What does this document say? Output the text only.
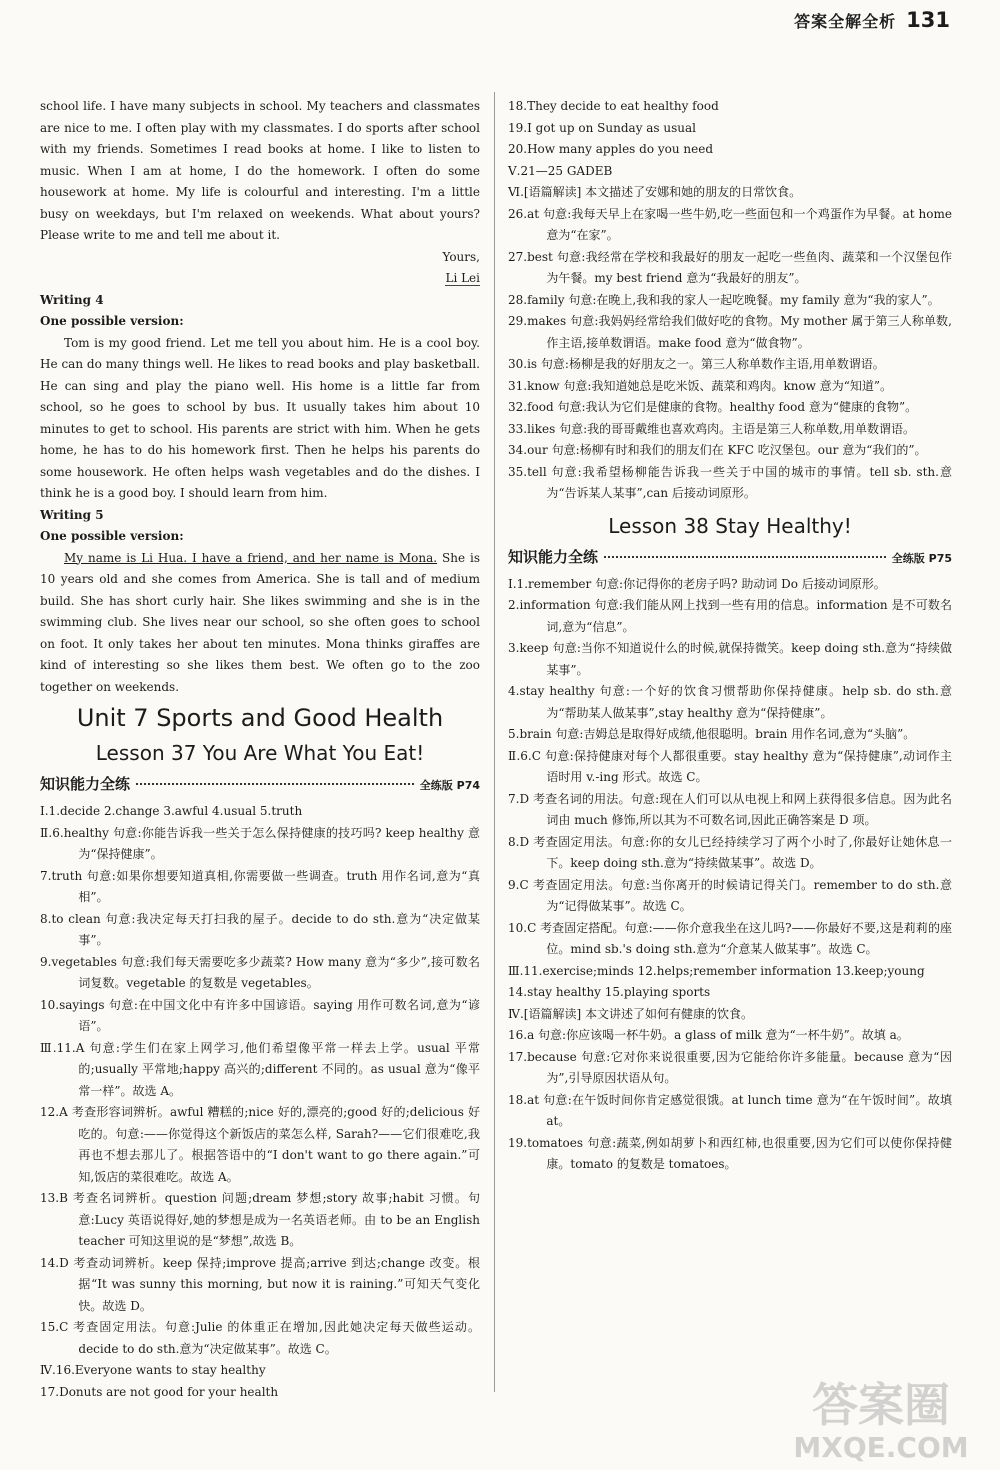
答案全解全析 131

school life. I have many subjects in school. My teachers and classmates are nice to me. I often play with my classmates. I do sports after school with my friends. Sometimes I read books at home. I like to listen to music. When I am at home, I do the homework. I often do some housework at home. My life is colourful and interesting. I'm a little busy on weekdays, but I'm relaxed on weekends. What about yours? Please write to me and tell me about it.

Yours,

Li Lei

Writing 4

One possible version:

Tom is my good friend. Let me tell you about him. He is a cool boy. He can do many things well. He likes to read books and play basketball. He can sing and play the piano well. His home is a little far from school, so he goes to school by bus. It usually takes him about 10 minutes to get to school. His parents are strict with him. When he gets home, he has to do his homework first. Then he helps his parents do some housework. He often helps wash vegetables and do the dishes. I think he is a good boy. I should learn from him.

Writing 5

One possible version:

My name is Li Hua. I have a friend, and her name is Mona. She is 10 years old and she comes from America. She is tall and of medium build. She has short curly hair. She likes swimming and she is in the swimming club. She lives near our school, so she often goes to school on foot. It only takes her about ten minutes. Mona thinks giraffes are kind of interesting so she likes them best. We often go to the zoo together on weekends.

Unit 7 Sports and Good Health
Lesson 37 You Are What You Eat!
知识能力全练	全练版 P74

Ⅰ.1.decide 2.change 3.awful 4.usual 5.truth

Ⅱ.6.healthy 句意:你能告诉我一些关于怎么保持健康的技巧吗? keep healthy 意为“保持健康”。

7.truth 句意:如果你想要知道真相,你需要做一些调查。truth 用作名词,意为“真相”。

8.to clean 句意:我决定每天打扫我的屋子。decide to do sth.意为“决定做某事”。

9.vegetables 句意:我们每天需要吃多少蔬菜? How many 意为“多少”,接可数名词复数。vegetable 的复数是 vegetables。

10.sayings 句意:在中国文化中有许多中国谚语。saying 用作可数名词,意为“谚语”。

Ⅲ.11.A 句意:学生们在家上网学习,他们希望像平常一样去上学。usual 平常的;usually 平常地;happy 高兴的;different 不同的。as usual 意为“像平常一样”。故选 A。

12.A 考查形容词辨析。awful 糟糕的;nice 好的,漂亮的;good 好的;delicious 好吃的。句意:——你觉得这个新饭店的菜怎么样, Sarah?——它们很难吃,我再也不想去那儿了。根据答语中的“I don't want to go there again.”可知,饭店的菜很难吃。故选 A。

13.B 考查名词辨析。question 问题;dream 梦想;story 故事;habit 习惯。句意:Lucy 英语说得好,她的梦想是成为一名英语老师。由 to be an English teacher 可知这里说的是“梦想”,故选 B。

14.D 考查动词辨析。keep 保持;improve 提高;arrive 到达;change 改变。根据“It was sunny this morning, but now it is raining.”可知天气变化快。故选 D。

15.C 考查固定用法。句意:Julie 的体重正在增加,因此她决定每天做些运动。decide to do sth.意为“决定做某事”。故选 C。

Ⅳ.16.Everyone wants to stay healthy

17.Donuts are not good for your health

18.They decide to eat healthy food

19.I got up on Sunday as usual

20.How many apples do you need

Ⅴ.21—25 GADEB

Ⅵ.[语篇解读] 本文描述了安娜和她的朋友的日常饮食。

26.at 句意:我每天早上在家喝一些牛奶,吃一些面包和一个鸡蛋作为早餐。at home 意为“在家”。

27.best 句意:我经常在学校和我最好的朋友一起吃一些鱼肉、蔬菜和一个汉堡包作为午餐。my best friend 意为“我最好的朋友”。

28.family 句意:在晚上,我和我的家人一起吃晚餐。my family 意为“我的家人”。

29.makes 句意:我妈妈经常给我们做好吃的食物。My mother 属于第三人称单数,作主语,接单数谓语。make food 意为“做食物”。

30.is 句意:杨柳是我的好朋友之一。第三人称单数作主语,用单数谓语。

31.know 句意:我知道她总是吃米饭、蔬菜和鸡肉。know 意为“知道”。

32.food 句意:我认为它们是健康的食物。healthy food 意为“健康的食物”。

33.likes 句意:我的哥哥戴维也喜欢鸡肉。主语是第三人称单数,用单数谓语。

34.our 句意:杨柳有时和我们的朋友们在 KFC 吃汉堡包。our 意为“我们的”。

35.tell 句意:我希望杨柳能告诉我一些关于中国的城市的事情。tell sb. sth.意为“告诉某人某事”,can 后接动词原形。

Lesson 38 Stay Healthy!
知识能力全练	全练版 P75

Ⅰ.1.remember 句意:你记得你的老房子吗? 助动词 Do 后接动词原形。

2.information 句意:我们能从网上找到一些有用的信息。information 是不可数名词,意为“信息”。

3.keep 句意:当你不知道说什么的时候,就保持微笑。keep doing sth.意为“持续做某事”。

4.stay healthy 句意:一个好的饮食习惯帮助你保持健康。help sb. do sth.意为“帮助某人做某事”,stay healthy 意为“保持健康”。

5.brain 句意:吉姆总是取得好成绩,他很聪明。brain 用作名词,意为“头脑”。

Ⅱ.6.C 句意:保持健康对每个人都很重要。stay healthy 意为“保持健康”,动词作主语时用 v.-ing 形式。故选 C。

7.D 考查名词的用法。句意:现在人们可以从电视上和网上获得很多信息。因为此名词由 much 修饰,所以其为不可数名词,因此正确答案是 D 项。

8.D 考查固定用法。句意:你的女儿已经持续学习了两个小时了,你最好让她休息一下。keep doing sth.意为“持续做某事”。故选 D。

9.C 考查固定用法。句意:当你离开的时候请记得关门。remember to do sth.意为“记得做某事”。故选 C。

10.C 考查固定搭配。句意:——你介意我坐在这儿吗?——你最好不要,这是莉莉的座位。mind sb.'s doing sth.意为“介意某人做某事”。故选 C。

Ⅲ.11.exercise;minds 12.helps;remember information 13.keep;young

14.stay healthy 15.playing sports

Ⅳ.[语篇解读] 本文讲述了如何有健康的饮食。

16.a 句意:你应该喝一杯牛奶。a glass of milk 意为“一杯牛奶”。故填 a。

17.because 句意:它对你来说很重要,因为它能给你许多能量。because 意为“因为”,引导原因状语从句。

18.at 句意:在午饭时间你肯定感觉很饿。at lunch time 意为“在午饭时间”。故填 at。

19.tomatoes 句意:蔬菜,例如胡萝卜和西红柿,也很重要,因为它们可以使你保持健康。tomato 的复数是 tomatoes。

答案圈
MXQE.COM
